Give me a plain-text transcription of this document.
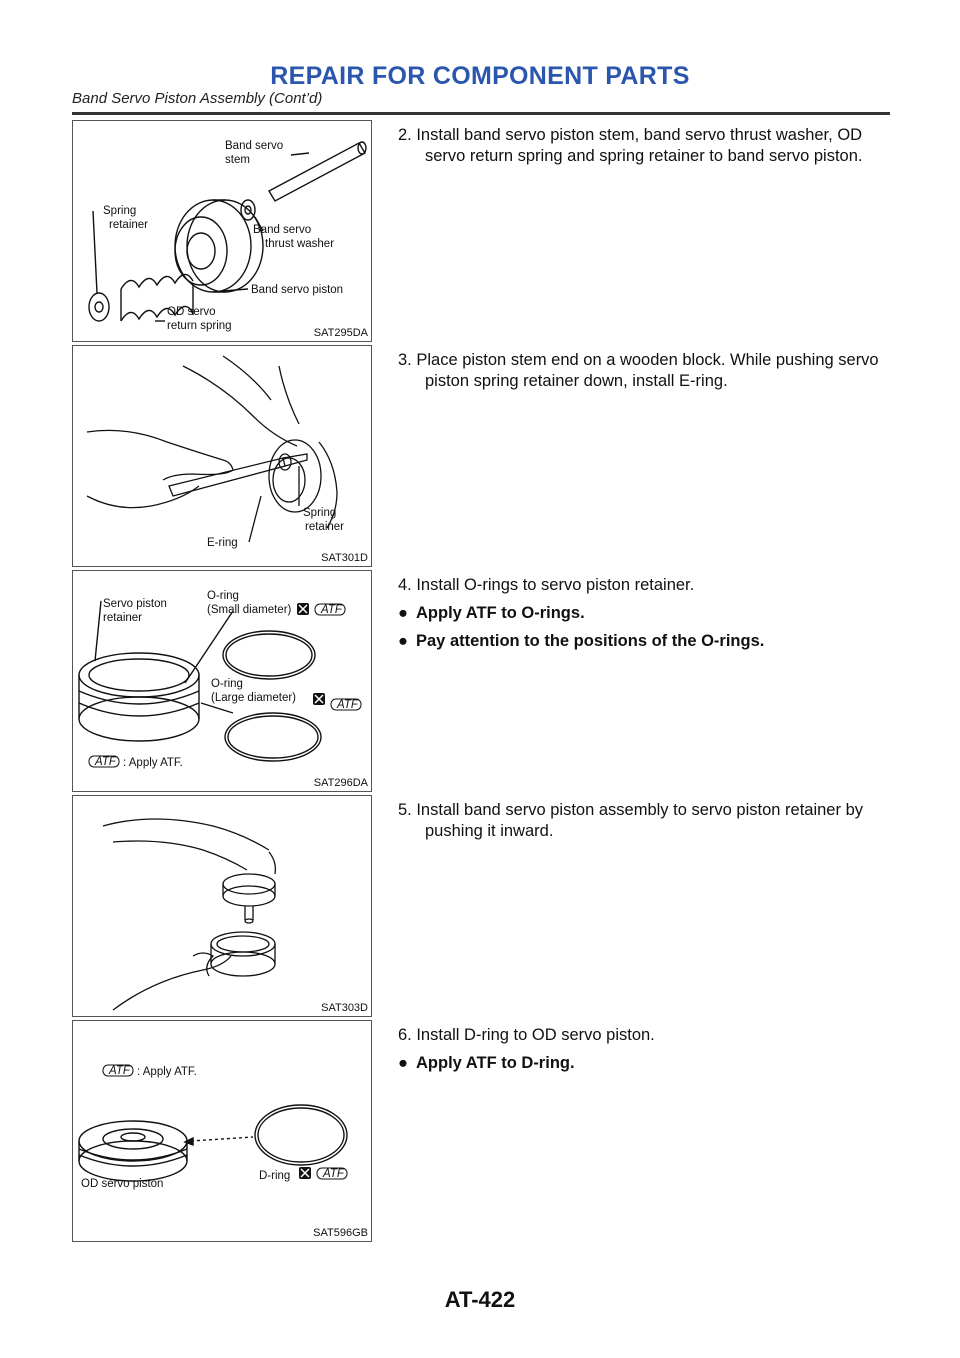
REPAIR FOR COMPONENT PARTS
Band Servo Piston Assembly (Cont’d)
Band servo
stem
Spring
retainer	Band servo
thrust washer
Band servo piston
OD servo
return spring
SAT295DA
Spring
retainer
E-ring
SAT301D
ATF
ATF
ATF
Servo piston
retainer
O-ring
(Small diameter)
O-ring
(Large diameter)
: Apply ATF.
SAT296DA
SAT303D
ATF
ATF
: Apply ATF.
D-ring
OD servo piston
SAT596GB

2. Install band servo piston stem, band servo thrust washer, OD servo return spring and spring retainer to band servo piston.

3. Place piston stem end on a wooden block. While pushing servo piston spring retainer down, install E-ring.

4. Install O-rings to servo piston retainer.

● Apply ATF to O-rings.

● Pay attention to the positions of the O-rings.

5. Install band servo piston assembly to servo piston retainer by pushing it inward.

6. Install D-ring to OD servo piston.

● Apply ATF to D-ring.

AT-422
